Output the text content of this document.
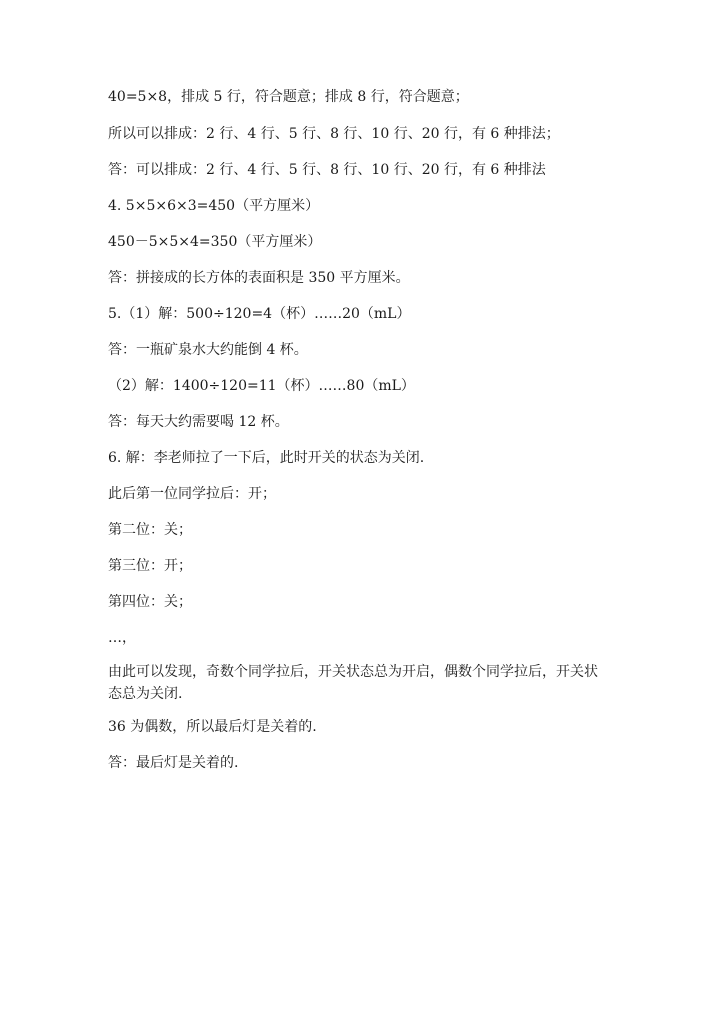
40=5×8，排成 5 行，符合题意；排成 8 行，符合题意；

所以可以排成：2 行、4 行、5 行、8 行、10 行、20 行，有 6 种排法；

答：可以排成：2 行、4 行、5 行、8 行、10 行、20 行，有 6 种排法

4. 5×5×6×3=450（平方厘米）

450－5×5×4=350（平方厘米）

答：拼接成的长方体的表面积是 350 平方厘米。

5.（1）解：500÷120=4（杯）……20（mL）

答：一瓶矿泉水大约能倒 4 杯。

（2）解：1400÷120=11（杯）……80（mL）

答：每天大约需要喝 12 杯。

6. 解：李老师拉了一下后，此时开关的状态为关闭.

此后第一位同学拉后：开；

第二位：关；

第三位：开；

第四位：关；

…，

由此可以发现，奇数个同学拉后，开关状态总为开启，偶数个同学拉后，开关状态总为关闭.

36 为偶数，所以最后灯是关着的.

答：最后灯是关着的.
